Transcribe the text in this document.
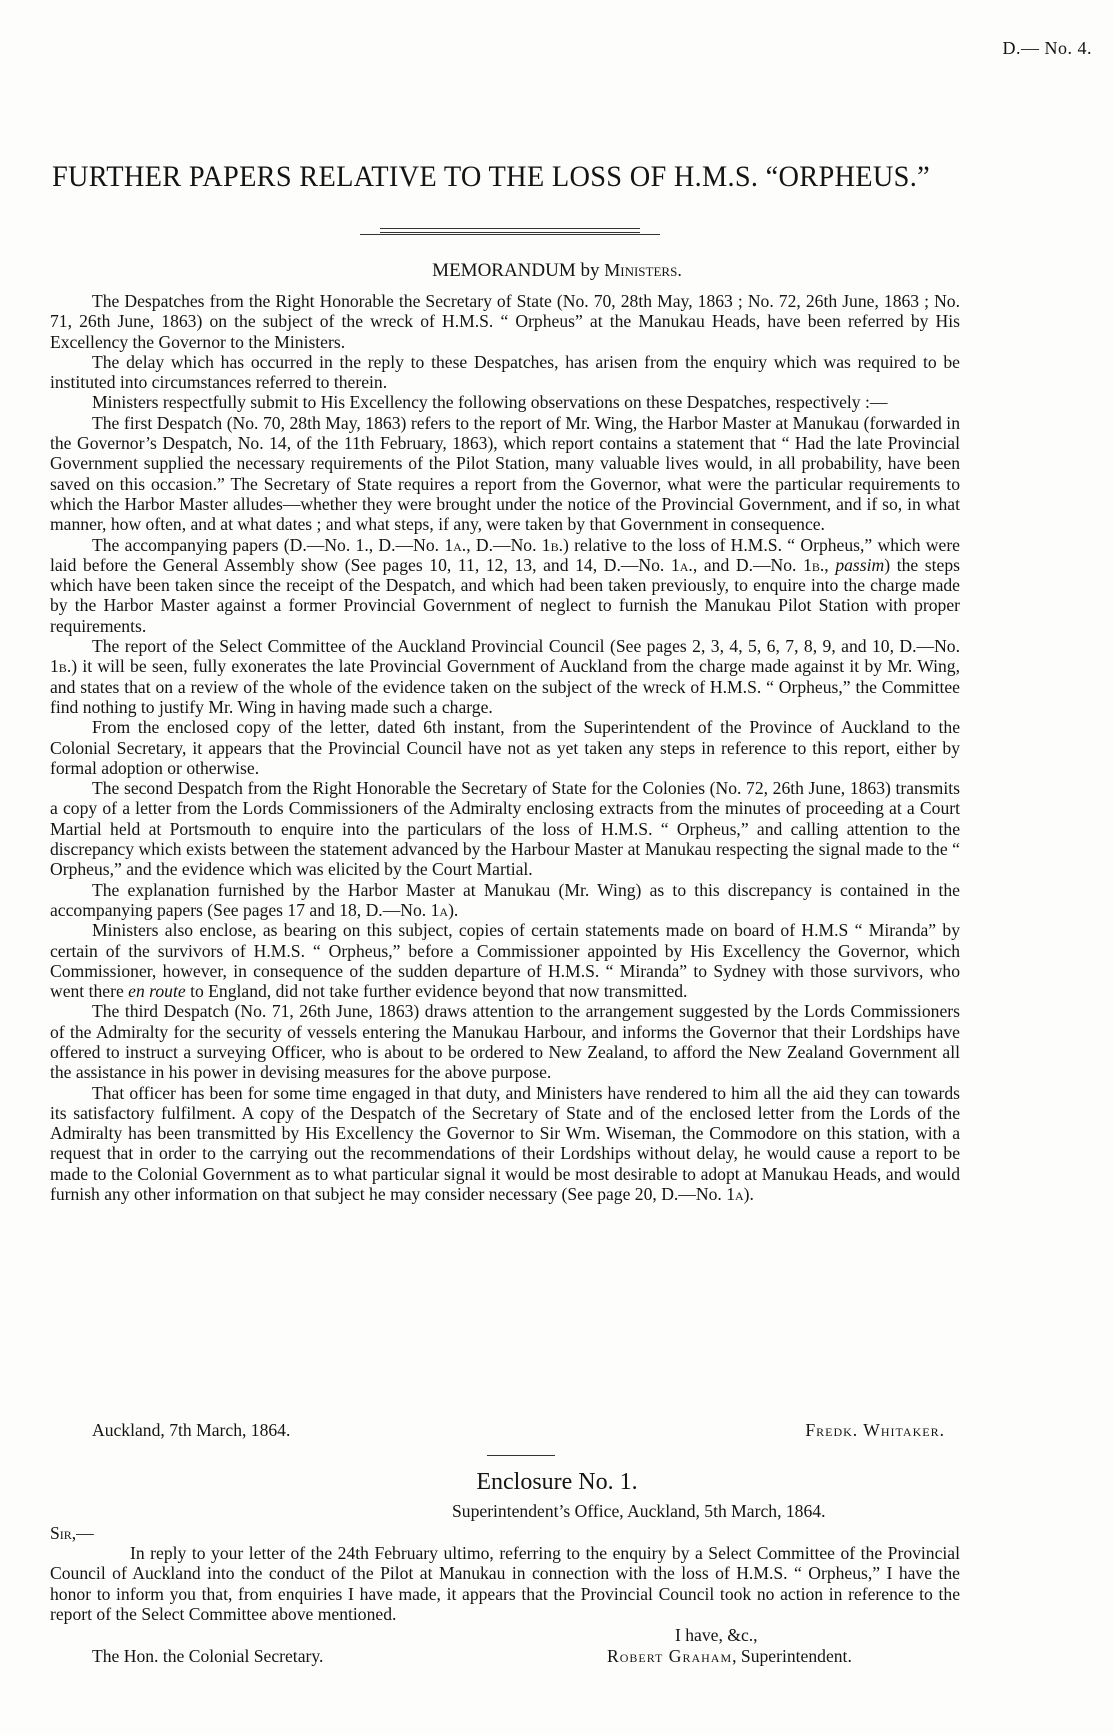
D.— No. 4.
FURTHER PAPERS RELATIVE TO THE LOSS OF H.M.S. “ORPHEUS.”
MEMORANDUM by Ministers.

The Despatches from the Right Honorable the Secretary of State (No. 70, 28th May, 1863 ; No. 72, 26th June, 1863 ; No. 71, 26th June, 1863) on the subject of the wreck of H.M.S. “ Orpheus” at the Manukau Heads, have been referred by His Excellency the Governor to the Ministers.

The delay which has occurred in the reply to these Despatches, has arisen from the enquiry which was required to be instituted into circumstances referred to therein.

Ministers respectfully submit to His Excellency the following observations on these Despatches, respectively :—

The first Despatch (No. 70, 28th May, 1863) refers to the report of Mr. Wing, the Harbor Master at Manukau (forwarded in the Governor’s Despatch, No. 14, of the 11th February, 1863), which report contains a statement that “ Had the late Provincial Government supplied the necessary requirements of the Pilot Station, many valuable lives would, in all probability, have been saved on this occasion.” The Secretary of State requires a report from the Governor, what were the particular requirements to which the Harbor Master alludes—whether they were brought under the notice of the Provincial Government, and if so, in what manner, how often, and at what dates ; and what steps, if any, were taken by that Government in consequence.

The accompanying papers (D.—No. 1., D.—No. 1a., D.—No. 1b.) relative to the loss of H.M.S. “ Orpheus,” which were laid before the General Assembly show (See pages 10, 11, 12, 13, and 14, D.—No. 1a., and D.—No. 1b., passim) the steps which have been taken since the receipt of the Despatch, and which had been taken previously, to enquire into the charge made by the Harbor Master against a former Provincial Government of neglect to furnish the Manukau Pilot Station with proper requirements.

The report of the Select Committee of the Auckland Provincial Council (See pages 2, 3, 4, 5, 6, 7, 8, 9, and 10, D.—No. 1b.) it will be seen, fully exonerates the late Provincial Government of Auckland from the charge made against it by Mr. Wing, and states that on a review of the whole of the evidence taken on the subject of the wreck of H.M.S. “ Orpheus,” the Committee find nothing to justify Mr. Wing in having made such a charge.

From the enclosed copy of the letter, dated 6th instant, from the Superintendent of the Province of Auckland to the Colonial Secretary, it appears that the Provincial Council have not as yet taken any steps in reference to this report, either by formal adoption or otherwise.

The second Despatch from the Right Honorable the Secretary of State for the Colonies (No. 72, 26th June, 1863) transmits a copy of a letter from the Lords Commissioners of the Admiralty enclosing extracts from the minutes of proceeding at a Court Martial held at Portsmouth to enquire into the particulars of the loss of H.M.S. “ Orpheus,” and calling attention to the discrepancy which exists between the statement advanced by the Harbour Master at Manukau respecting the signal made to the “ Orpheus,” and the evidence which was elicited by the Court Martial.

The explanation furnished by the Harbor Master at Manukau (Mr. Wing) as to this discrepancy is contained in the accompanying papers (See pages 17 and 18, D.—No. 1a).

Ministers also enclose, as bearing on this subject, copies of certain statements made on board of H.M.S “ Miranda” by certain of the survivors of H.M.S. “ Orpheus,” before a Commissioner appointed by His Excellency the Governor, which Commissioner, however, in consequence of the sudden departure of H.M.S. “ Miranda” to Sydney with those survivors, who went there en route to England, did not take further evidence beyond that now transmitted.

The third Despatch (No. 71, 26th June, 1863) draws attention to the arrangement suggested by the Lords Commissioners of the Admiralty for the security of vessels entering the Manukau Harbour, and informs the Governor that their Lordships have offered to instruct a surveying Officer, who is about to be ordered to New Zealand, to afford the New Zealand Government all the assistance in his power in devising measures for the above purpose.

That officer has been for some time engaged in that duty, and Ministers have rendered to him all the aid they can towards its satisfactory fulfilment. A copy of the Despatch of the Secretary of State and of the enclosed letter from the Lords of the Admiralty has been transmitted by His Excellency the Governor to Sir Wm. Wiseman, the Commodore on this station, with a request that in order to the carrying out the recommendations of their Lordships without delay, he would cause a report to be made to the Colonial Government as to what particular signal it would be most desirable to adopt at Manukau Heads, and would furnish any other information on that subject he may consider necessary (See page 20, D.—No. 1a).

Auckland, 7th March, 1864.	Fredk. Whitaker.
Enclosure No. 1.
Superintendent’s Office, Auckland, 5th March, 1864.
Sir,—

In reply to your letter of the 24th February ultimo, referring to the enquiry by a Select Committee of the Provincial Council of Auckland into the conduct of the Pilot at Manukau in connection with the loss of H.M.S. “ Orpheus,” I have the honor to inform you that, from enquiries I have made, it appears that the Provincial Council took no action in reference to the report of the Select Committee above mentioned.

I have, &c.,
The Hon. the Colonial Secretary.	Robert Graham, Superintendent.
